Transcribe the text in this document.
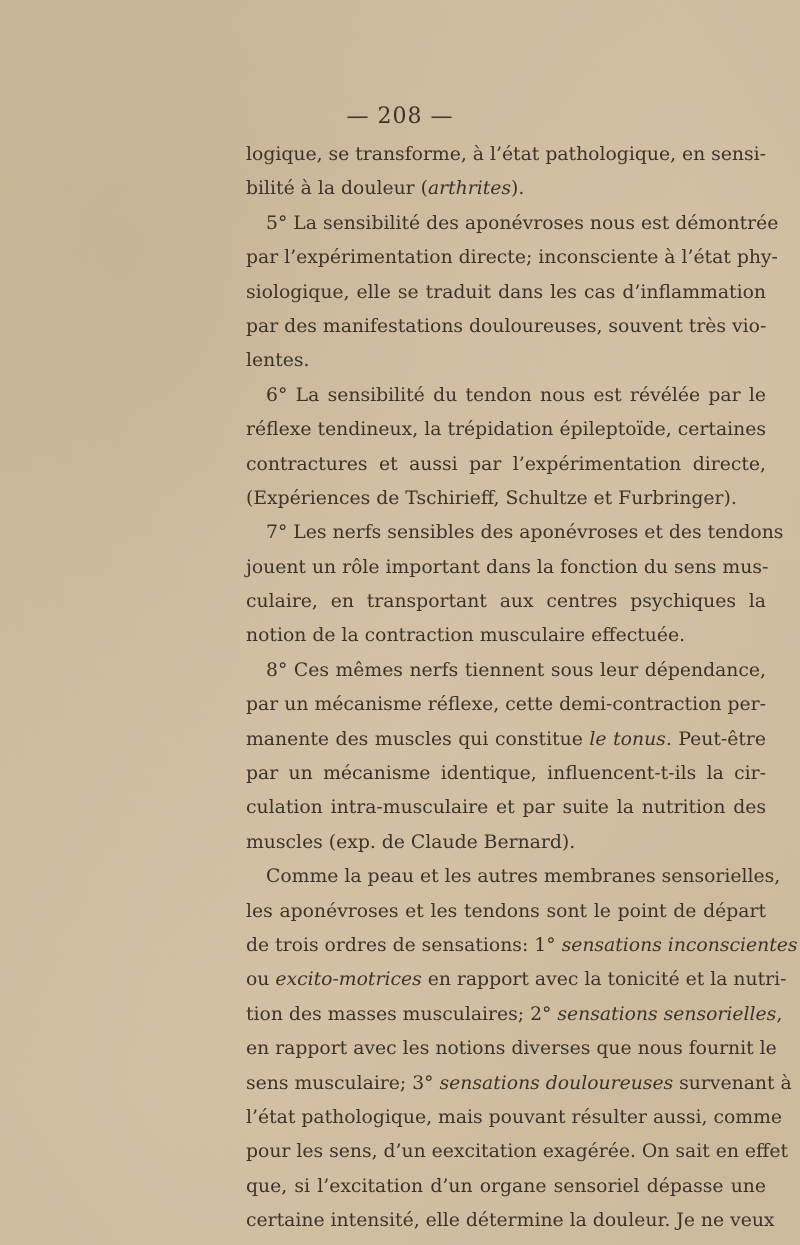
— 208 —
logique, se transforme, à l’état pathologique, en sensi-
bilité à la douleur (arthrites).
5° La sensibilité des aponévroses nous est démontrée
par l’expérimentation directe; inconsciente à l’état phy-
siologique, elle se traduit dans les cas d’inflammation
par des manifestations douloureuses, souvent très vio-
lentes.
6° La sensibilité du tendon nous est révélée par le
réflexe tendineux, la trépidation épileptoïde, certaines
contractures et aussi par l’expérimentation directe,
(Expériences de Tschirieff, Schultze et Furbringer).
7° Les nerfs sensibles des aponévroses et des tendons
jouent un rôle important dans la fonction du sens mus-
culaire, en transportant aux centres psychiques la
notion de la contraction musculaire effectuée.
8° Ces mêmes nerfs tiennent sous leur dépendance,
par un mécanisme réflexe, cette demi-contraction per-
manente des muscles qui constitue le tonus. Peut-être
par un mécanisme identique, influencent-t-ils la cir-
culation intra-musculaire et par suite la nutrition des
muscles (exp. de Claude Bernard).
Comme la peau et les autres membranes sensorielles,
les aponévroses et les tendons sont le point de départ
de trois ordres de sensations: 1° sensations inconscientes
ou excito-motrices en rapport avec la tonicité et la nutri-
tion des masses musculaires; 2° sensations sensorielles,
en rapport avec les notions diverses que nous fournit le
sens musculaire; 3° sensations douloureuses survenant à
l’état pathologique, mais pouvant résulter aussi, comme
pour les sens, d’un eexcitation exagérée. On sait en effet
que, si l’excitation d’un organe sensoriel dépasse une
certaine intensité, elle détermine la douleur. Je ne veux
